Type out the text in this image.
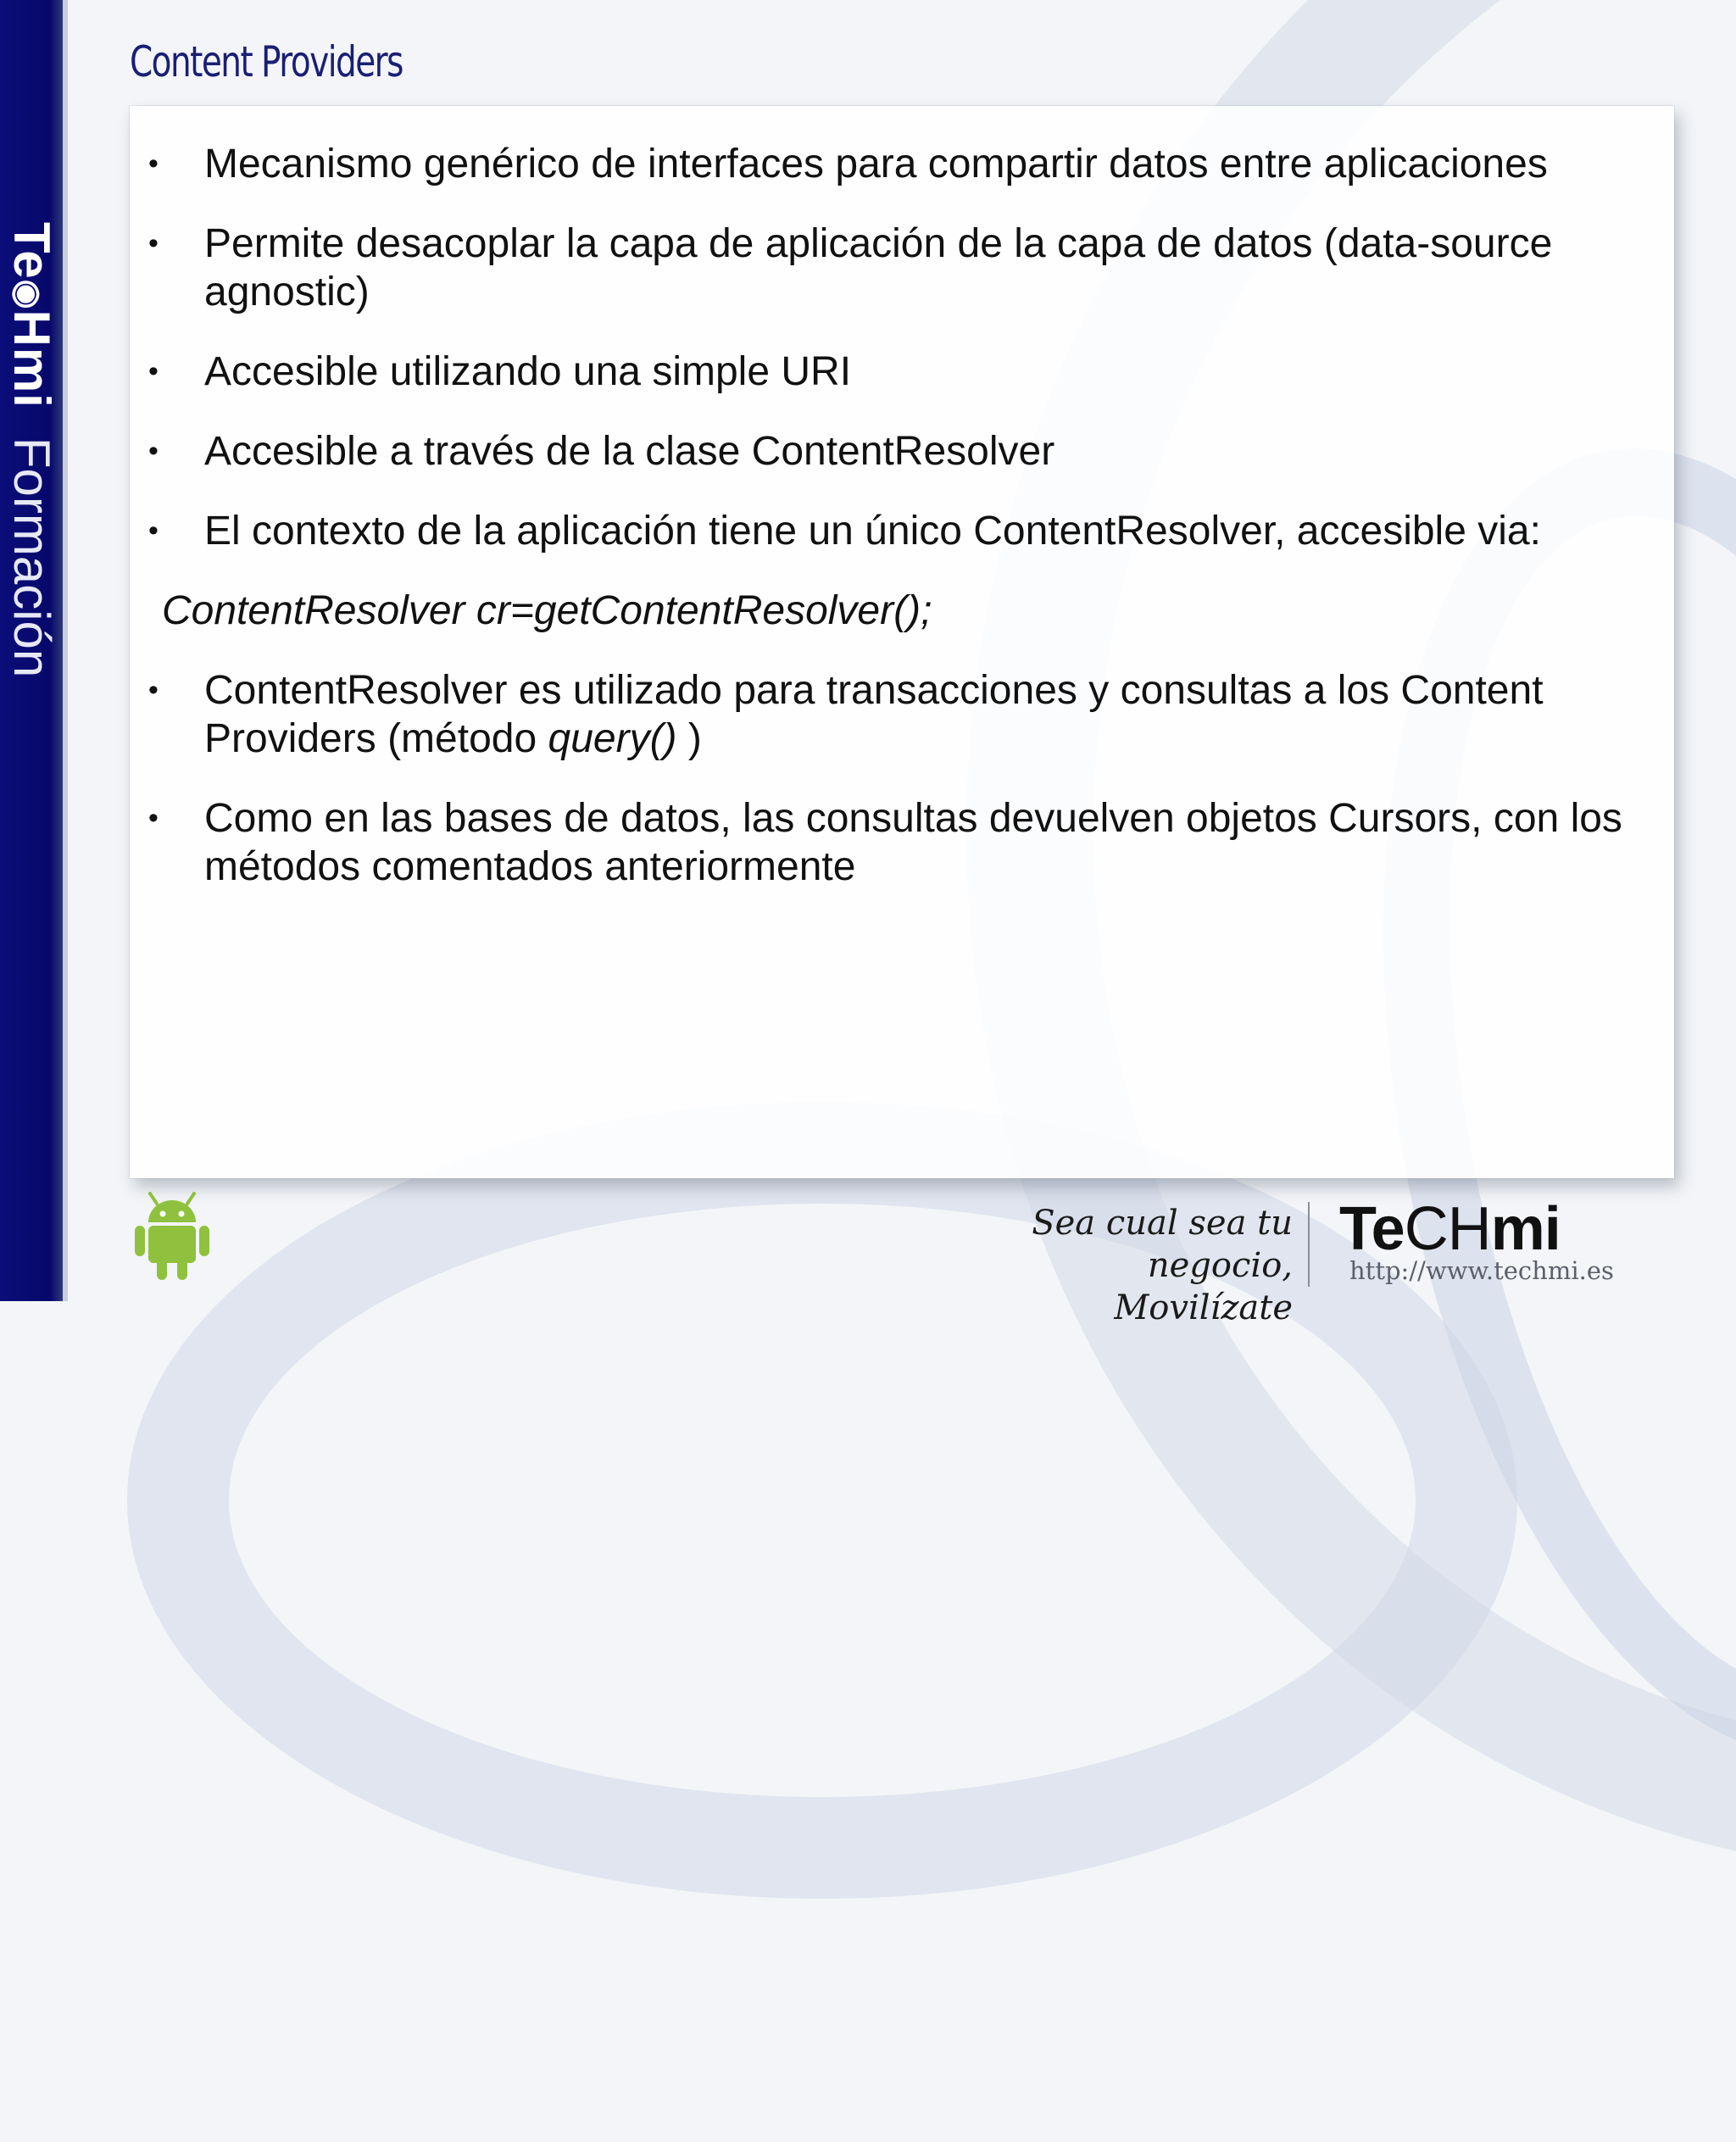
Te◉HmiFormación
Content Providers
• Mecanismo genérico de interfaces para compartir datos entre aplicaciones
• Permite desacoplar la capa de aplicación de la capa de datos (data-source agnostic)
• Accesible utilizando una simple URI
• Accesible a través de la clase ContentResolver
• El contexto de la aplicación tiene un único ContentResolver, accesible via:
ContentResolver cr=getContentResolver();
• ContentResolver es utilizado para transacciones y consultas a los Content Providers (método query() )
• Como en las bases de datos, las consultas devuelven objetos Cursors, con los métodos comentados anteriormente
Sea cual sea tu negocio,
Movilízate
TeCHmi
http://www.techmi.es
